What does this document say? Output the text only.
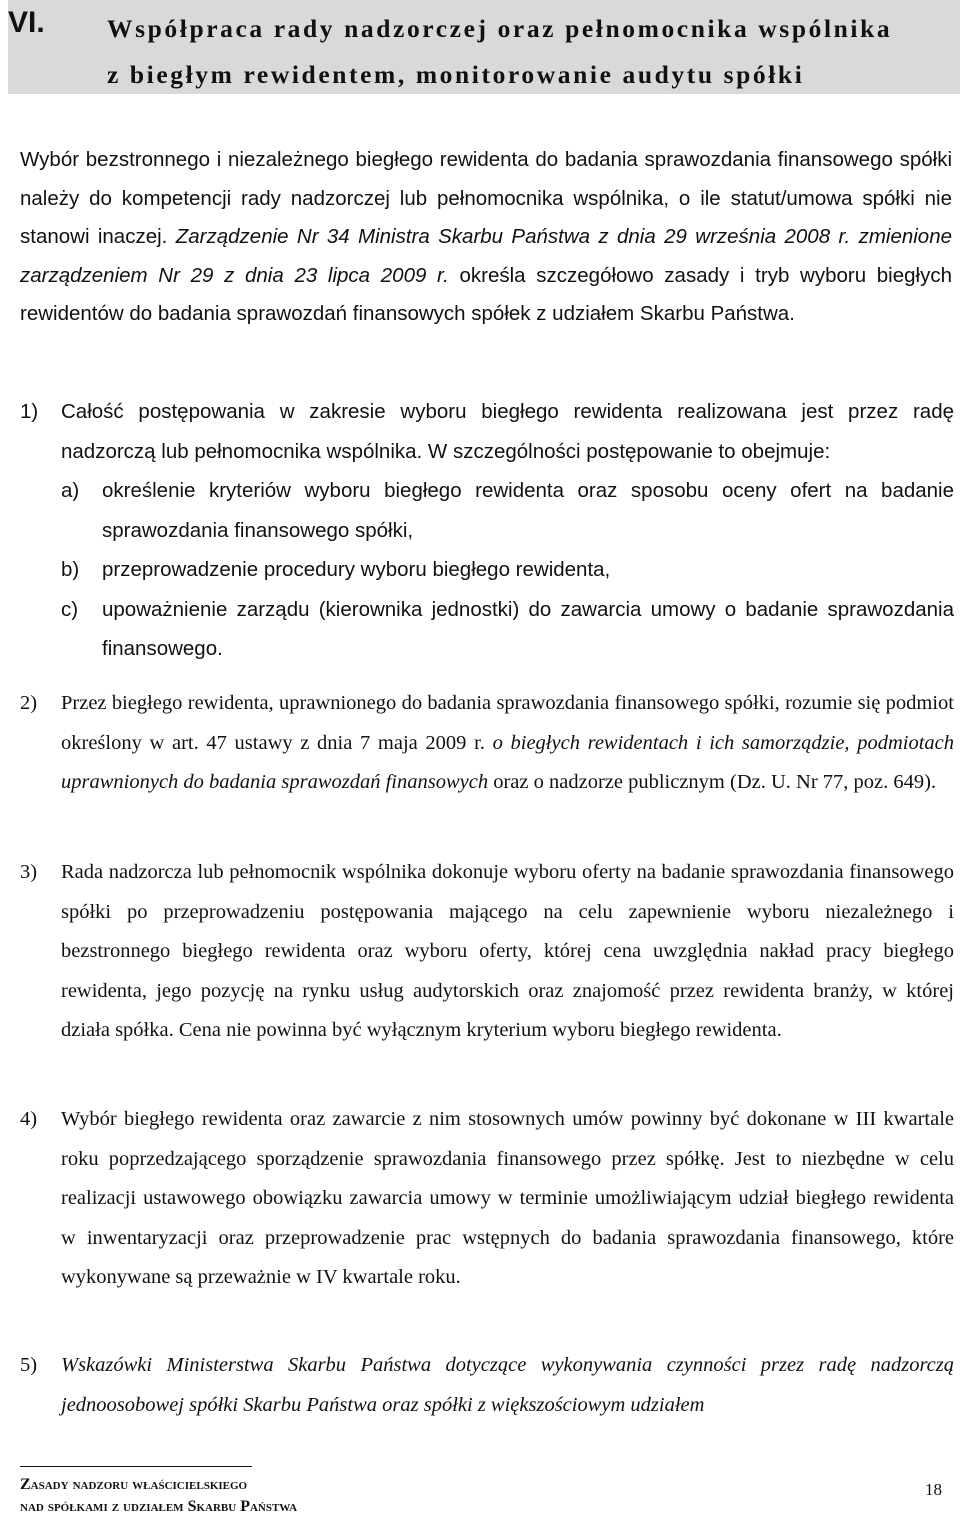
VI. Współpraca rady nadzorczej oraz pełnomocnika wspólnika
z biegłym rewidentem, monitorowanie audytu spółki

Wybór bezstronnego i niezależnego biegłego rewidenta do badania sprawozdania finansowego spółki należy do kompetencji rady nadzorczej lub pełnomocnika wspólnika, o ile statut/umowa spółki nie stanowi inaczej. Zarządzenie Nr 34 Ministra Skarbu Państwa z dnia 29 września 2008 r. zmienione zarządzeniem Nr 29 z dnia 23 lipca 2009 r. określa szczegółowo zasady i tryb wyboru biegłych rewidentów do badania sprawozdań finansowych spółek z udziałem Skarbu Państwa.

1) Całość postępowania w zakresie wyboru biegłego rewidenta realizowana jest przez radę nadzorczą lub pełnomocnika wspólnika. W szczególności postępowanie to obejmuje:

a) określenie kryteriów wyboru biegłego rewidenta oraz sposobu oceny ofert na badanie sprawozdania finansowego spółki,

b) przeprowadzenie procedury wyboru biegłego rewidenta,

c) upoważnienie zarządu (kierownika jednostki) do zawarcia umowy o badanie sprawozdania finansowego.

2) Przez biegłego rewidenta, uprawnionego do badania sprawozdania finansowego spółki, rozumie się podmiot określony w art. 47 ustawy z dnia 7 maja 2009 r. o biegłych rewidentach i ich samorządzie, podmiotach uprawnionych do badania sprawozdań finansowych oraz o nadzorze publicznym (Dz. U. Nr 77, poz. 649).

3) Rada nadzorcza lub pełnomocnik wspólnika dokonuje wyboru oferty na badanie sprawozdania finansowego spółki po przeprowadzeniu postępowania mającego na celu zapewnienie wyboru niezależnego i bezstronnego biegłego rewidenta oraz wyboru oferty, której cena uwzględnia nakład pracy biegłego rewidenta, jego pozycję na rynku usług audytorskich oraz znajomość przez rewidenta branży, w której działa spółka. Cena nie powinna być wyłącznym kryterium wyboru biegłego rewidenta.

4) Wybór biegłego rewidenta oraz zawarcie z nim stosownych umów powinny być dokonane w III kwartale roku poprzedzającego sporządzenie sprawozdania finansowego przez spółkę. Jest to niezbędne w celu realizacji ustawowego obowiązku zawarcia umowy w terminie umożliwiającym udział biegłego rewidenta w inwentaryzacji oraz przeprowadzenie prac wstępnych do badania sprawozdania finansowego, które wykonywane są przeważnie w IV kwartale roku.

5) Wskazówki Ministerstwa Skarbu Państwa dotyczące wykonywania czynności przez radę nadzorczą jednoosobowej spółki Skarbu Państwa oraz spółki z większościowym udziałem

Zasady nadzoru właścicielskiego
nad spółkami z udziałem Skarbu Państwa
18
